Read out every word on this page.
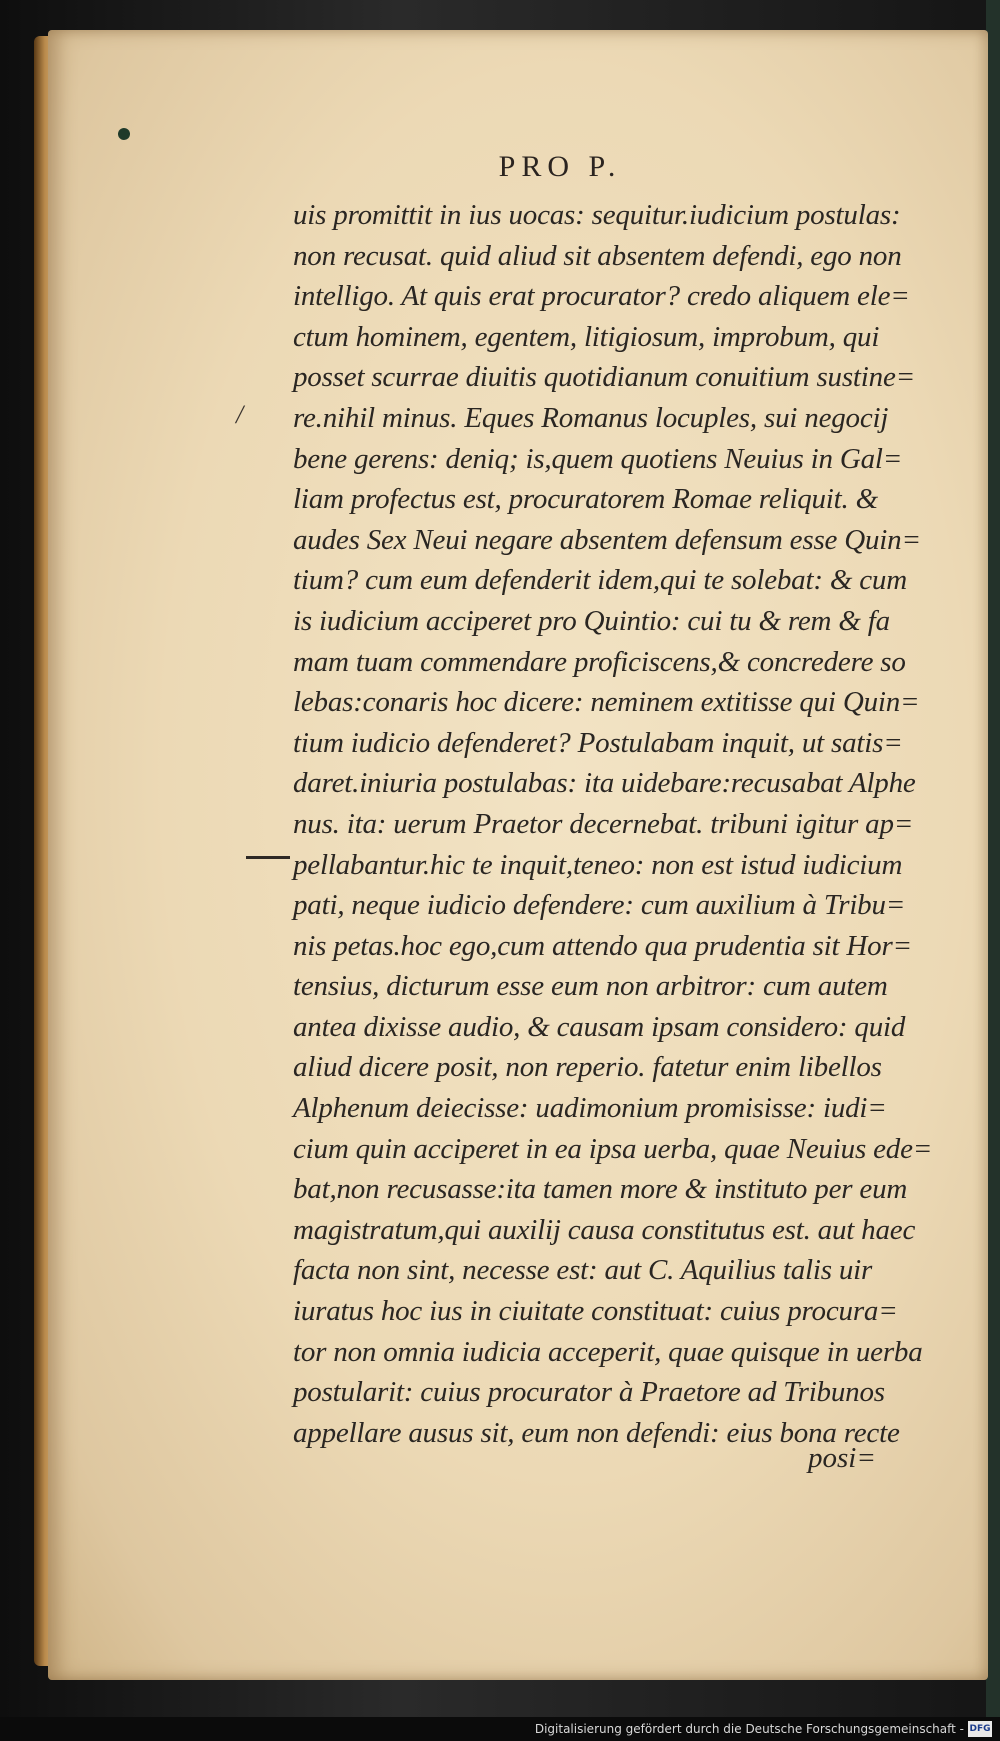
PRO P.
/
uis promittit in ius uocas: sequitur.iudicium postulas:
non recusat. quid aliud sit absentem defendi, ego non
intelligo. At quis erat procurator? credo aliquem ele=
ctum hominem, egentem, litigiosum, improbum, qui
posset scurrae diuitis quotidianum conuitium sustine=
re.nihil minus. Eques Romanus locuples, sui negocij
bene gerens: deniq; is,quem quotiens Neuius in Gal=
liam profectus est, procuratorem Romae reliquit. &
audes Sex Neui negare absentem defensum esse Quin=
tium? cum eum defenderit idem,qui te solebat: & cum
is iudicium acciperet pro Quintio: cui tu & rem & fa
mam tuam commendare proficiscens,& concredere so
lebas:conaris hoc dicere: neminem extitisse qui Quin=
tium iudicio defenderet? Postulabam inquit, ut satis=
daret.iniuria postulabas: ita uidebare:recusabat Alphe
nus. ita: uerum Praetor decernebat. tribuni igitur ap=
pellabantur.hic te inquit,teneo: non est istud iudicium
pati, neque iudicio defendere: cum auxilium à Tribu=
nis petas.hoc ego,cum attendo qua prudentia sit Hor=
tensius, dicturum esse eum non arbitror: cum autem
antea dixisse audio, & causam ipsam considero: quid
aliud dicere posit, non reperio. fatetur enim libellos
Alphenum deiecisse: uadimonium promisisse: iudi=
cium quin acciperet in ea ipsa uerba, quae Neuius ede=
bat,non recusasse:ita tamen more & instituto per eum
magistratum,qui auxilij causa constitutus est. aut haec
facta non sint, necesse est: aut C. Aquilius talis uir
iuratus hoc ius in ciuitate constituat: cuius procura=
tor non omnia iudicia acceperit, quae quisque in uerba
postularit: cuius procurator à Praetore ad Tribunos
appellare ausus sit, eum non defendi: eius bona recte
posi=
Digitalisierung gefördert durch die Deutsche Forschungsgemeinschaft - DFG
